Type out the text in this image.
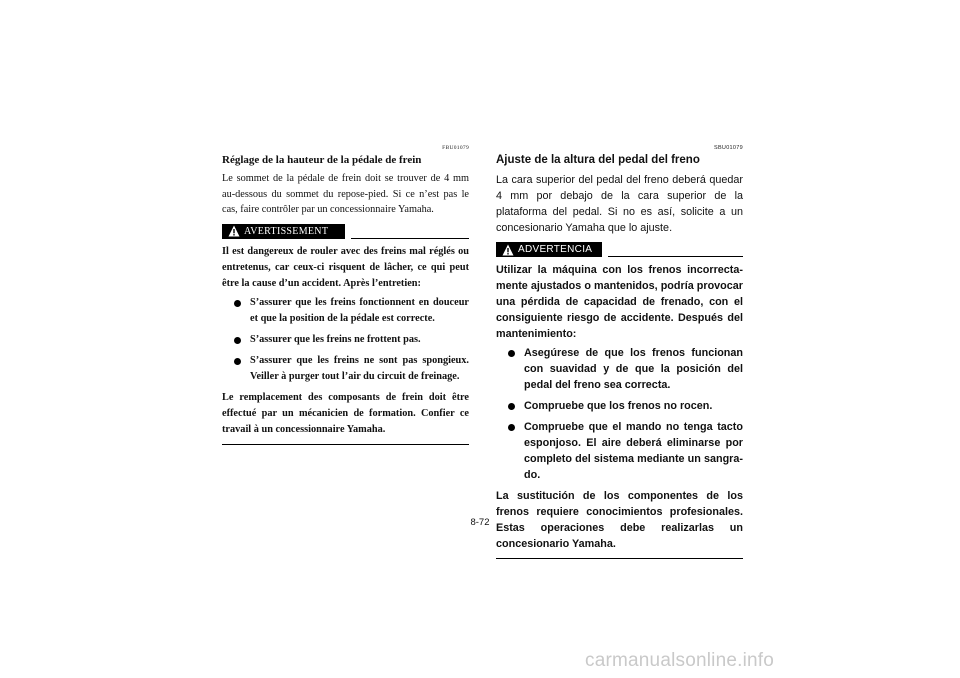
FBU01079
Réglage de la hauteur de la pédale de frein

Le sommet de la pédale de frein doit se trouver de 4 mm au-dessous du sommet du repose-pied. Si ce n’est pas le cas, faire contrôler par un concessionnaire Yamaha.

AVERTISSEMENT

Il est dangereux de rouler avec des freins mal réglés ou entretenus, car ceux-ci risquent de lâcher, ce qui peut être la cause d’un accident. Après l’entretien:

S’assurer que les freins fonctionnent en douceur et que la position de la pédale est correcte.
S’assurer que les freins ne frottent pas.
S’assurer que les freins ne sont pas spongieux. Veiller à purger tout l’air du circuit de freinage.

Le remplacement des composants de frein doit être effectué par un mécanicien de formation. Confier ce travail à un concessionnaire Yamaha.

SBU01079
Ajuste de la altura del pedal del freno

La cara superior del pedal del freno deberá quedar 4 mm por debajo de la cara superior de la plataforma del pedal. Si no es así, solicite a un concesionario Yamaha que lo ajuste.

ADVERTENCIA

Utilizar la máquina con los frenos incorrecta-mente ajustados o mantenidos, podría provocar una pérdida de capacidad de frenado, con el consiguiente riesgo de accidente. Después del mantenimiento:

Asegúrese de que los frenos funcionan con suavidad y de que la posición del pedal del freno sea correcta.
Compruebe que los frenos no rocen.
Compruebe que el mando no tenga tacto esponjoso. El aire deberá eliminarse por completo del sistema mediante un sangra-do.

La sustitución de los componentes de los frenos requiere conocimientos profesionales. Estas operaciones debe realizarlas un concesionario Yamaha.

8-72
carmanualsonline.info
